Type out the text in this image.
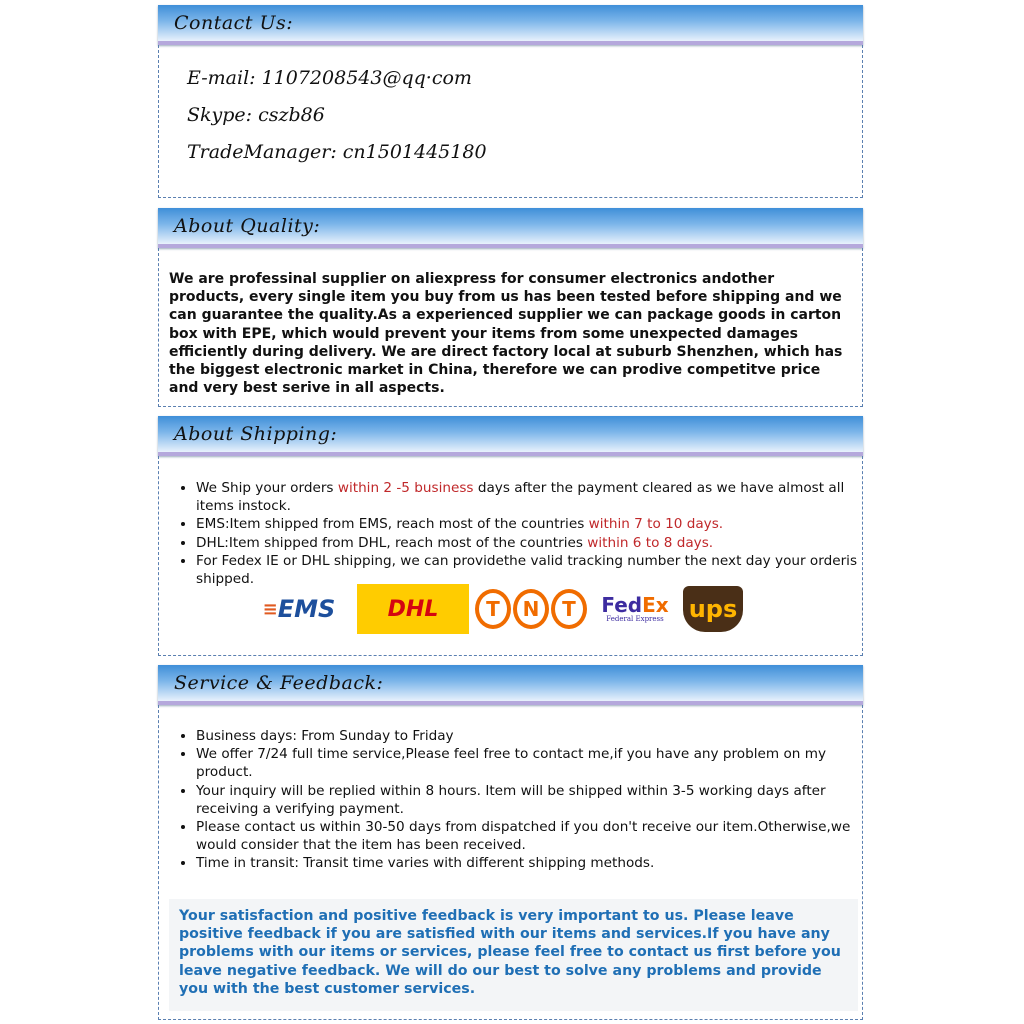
Contact Us:

E-mail: 1107208543@qq·com

Skype: cszb86

TradeManager: cn1501445180

About Quality:
We are professinal supplier on aliexpress for consumer electronics andother products, every single item you buy from us has been tested before shipping and we can guarantee the quality.As a experienced supplier we can package goods in carton box with EPE, which would prevent your items from some unexpected damages efficiently during delivery. We are direct factory local at suburb Shenzhen, which has the biggest electronic market in China, therefore we can prodive competitve price and very best serive in all aspects.
About Shipping:
• We Ship your orders within 2 -5 business days after the payment cleared as we have almost all items instock.
• EMS:Item shipped from EMS, reach most of the countries within 7 to 10 days.
• DHL:Item shipped from DHL, reach most of the countries within 6 to 8 days.
• For Fedex IE or DHL shipping, we can providethe valid tracking number the next day your orderis shipped.
≡ EMS DHL	T	N	T	FedEx
Federal Express ups
Service & Feedback:
• Business days: From Sunday to Friday
• We offer 7/24 full time service,Please feel free to contact me,if you have any problem on my product.
• Your inquiry will be replied within 8 hours. Item will be shipped within 3-5 working days after receiving a verifying payment.
• Please contact us within 30-50 days from dispatched if you don't receive our item.Otherwise,we would consider that the item has been received.
• Time in transit: Transit time varies with different shipping methods.
Your satisfaction and positive feedback is very important to us. Please leave positive feedback if you are satisfied with our items and services.If you have any problems with our items or services, please feel free to contact us first before you leave negative feedback. We will do our best to solve any problems and provide you with the best customer services.
